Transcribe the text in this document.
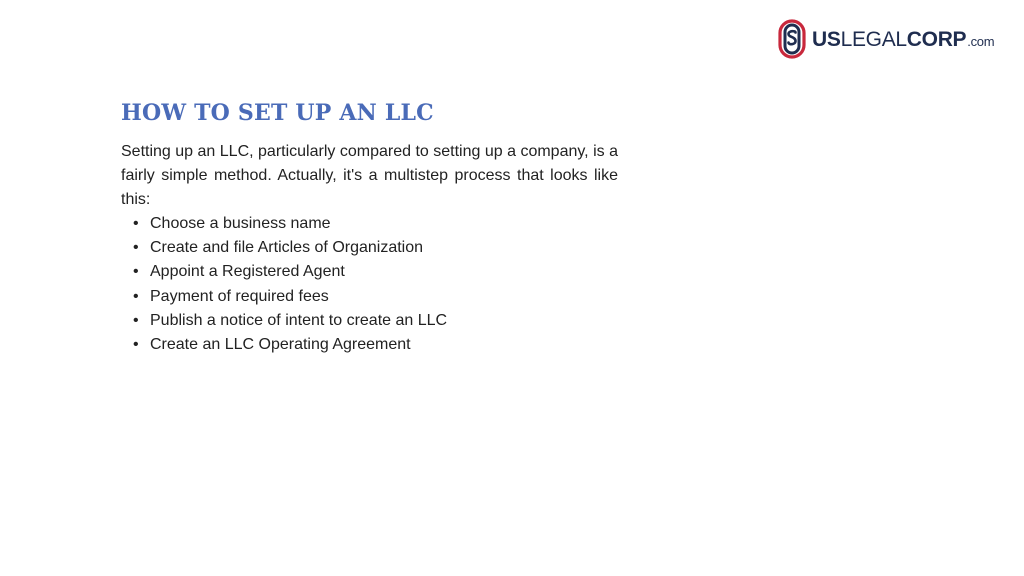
US LEGAL CORP .com
HOW TO SET UP AN LLC

Setting up an LLC, particularly compared to setting up a company, is a fairly simple method. Actually, it's a multistep process that looks like this:

• Choose a business name
• Create and file Articles of Organization
• Appoint a Registered Agent
• Payment of required fees
• Publish a notice of intent to create an LLC
• Create an LLC Operating Agreement
